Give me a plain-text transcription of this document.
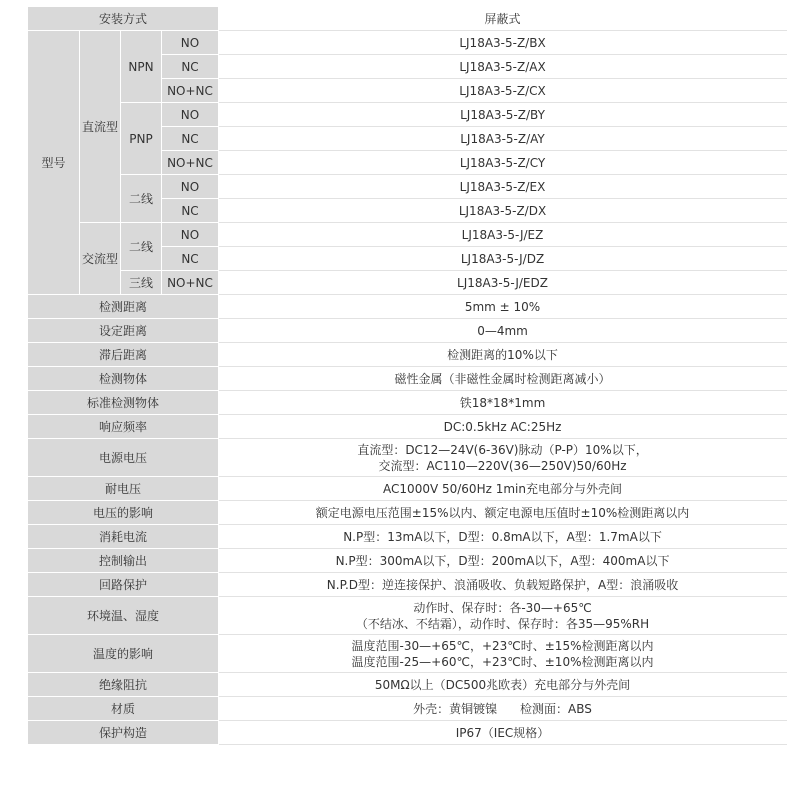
安装方式				屏蔽式
型号	直流型	NPN	NO	LJ18A3-5-Z/BX
			NC	LJ18A3-5-Z/AX
			NO+NC	LJ18A3-5-Z/CX
		PNP	NO	LJ18A3-5-Z/BY
			NC	LJ18A3-5-Z/AY
			NO+NC	LJ18A3-5-Z/CY
		二线	NO	LJ18A3-5-Z/EX
			NC	LJ18A3-5-Z/DX
	交流型	二线	NO	LJ18A3-5-J/EZ
			NC	LJ18A3-5-J/DZ
		三线	NO+NC	LJ18A3-5-J/EDZ
检测距离				5mm ± 10%
设定距离				0—4mm
滞后距离				检测距离的10%以下
检测物体				磁性金属（非磁性金属时检测距离减小）
标准检测物体				铁18*18*1mm
响应频率				DC:0.5kHz AC:25Hz
电源电压				直流型：DC12—24V(6-36V)脉动（P-P）10%以下，
交流型：AC110—220V(36—250V)50/60Hz

耐电压				AC1000V 50/60Hz 1min充电部分与外壳间
电压的影响				额定电源电压范围±15%以内、额定电源电压值时±10%检测距离以内
消耗电流				N.P型：13mA以下，D型：0.8mA以下，A型：1.7mA以下
控制输出				N.P型：300mA以下，D型：200mA以下，A型：400mA以下
回路保护				N.P.D型：逆连接保护、浪涌吸收、负载短路保护，A型：浪涌吸收
环境温、湿度				动作时、保存时：各-30—+65℃
（不结冰、不结霜），动作时、保存时：各35—95%RH

温度的影响				温度范围-30—+65℃，+23℃时、±15%检测距离以内
温度范围-25—+60℃，+23℃时、±10%检测距离以内

绝缘阻抗				50MΩ以上（DC500兆欧表）充电部分与外壳间
材质				外壳：黄铜镀镍      检测面：ABS
保护构造				IP67（IEC规格）
